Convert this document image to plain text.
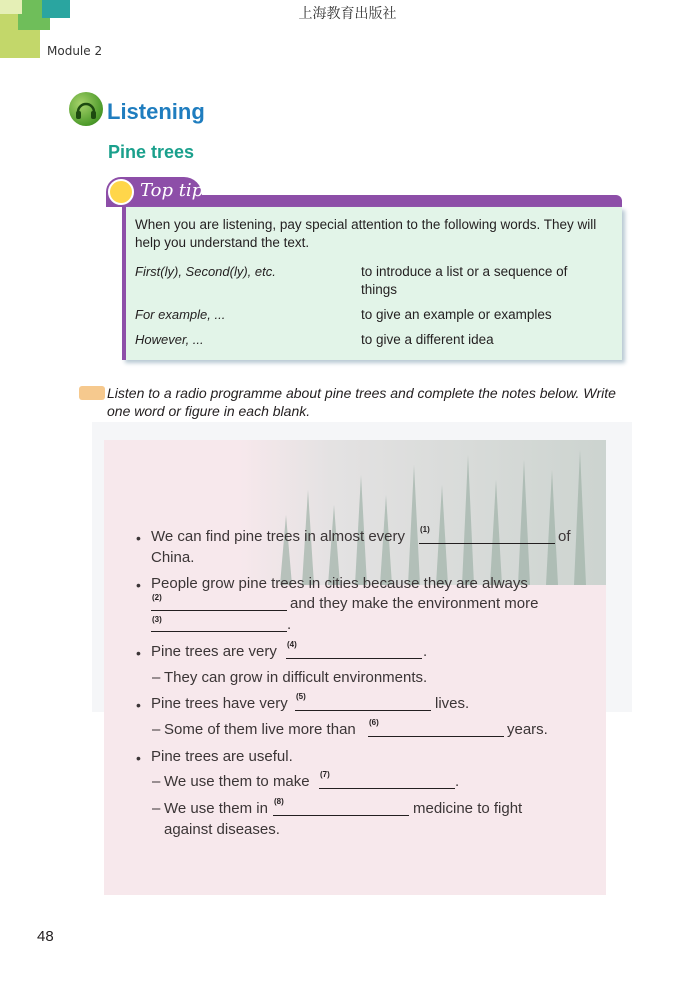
上海教育出版社
Module 2
Listening
Pine trees
Top tip
When you are listening, pay special attention to the following words. They will help you understand the text.
First(ly), Second(ly), etc.	to introduce a list or a sequence of things
For example, ...	to give an example or examples
However, ...	to give a different idea
Listen to a radio programme about pine trees and complete the notes below. Write one word or figure in each blank.
• We can find pine trees in almost every (1)	of
China.
• People grow pine trees in cities because they are always
(2)	and they make the environment more
(3)	.
• Pine trees are very (4)	.
– They can grow in difficult environments.
• Pine trees have very (5)	lives.
– Some of them live more than (6)	years.
• Pine trees are useful.
– We use them to make (7)	.
– We use them in (8)	medicine to fight
against diseases.
48
